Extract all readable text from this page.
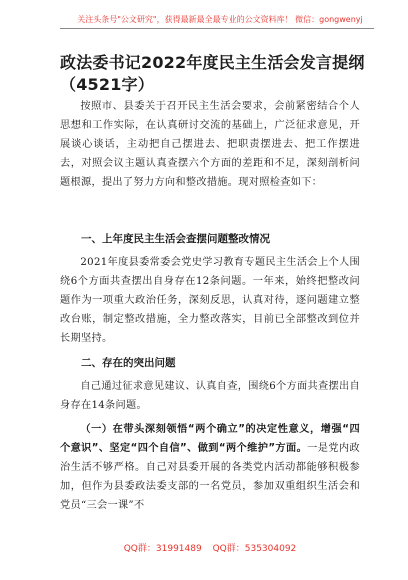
关注头条号"公文研究"，获得最新最全最专业的公文资料库！ 微信：gongwenyj
政法委书记2022年度民主生活会发言提纲（4521字）
按照市、县委关于召开民主生活会要求，会前紧密结合个人思想和工作实际，在认真研讨交流的基础上，广泛征求意见，开展谈心谈话，主动把自己摆进去、把职责摆进去、把工作摆进去，对照会议主题认真查摆六个方面的差距和不足，深刻剖析问题根源，提出了努力方向和整改措施。现对照检查如下：
一、上年度民主生活会查摆问题整改情况
2021年度县委常委会党史学习教育专题民主生活会上个人围绕6个方面共查摆出自身存在12条问题。一年来，始终把整改问题作为一项重大政治任务，深刻反思，认真对待，逐问题建立整改台账，制定整改措施，全力整改落实，目前已全部整改到位并长期坚持。
二、存在的突出问题
自己通过征求意见建议、认真自查，围绕6个方面共查摆出自身存在14条问题。
（一）在带头深刻领悟“两个确立”的决定性意义，增强“四个意识”、坚定“四个自信”、做到“两个维护”方面。一是党内政治生活不够严格。自己对县委开展的各类党内活动都能够积极参加，但作为县委政法委支部的一名党员，参加双重组织生活会和党员“三会一课”不
QQ群：31991489 QQ群：535304092
